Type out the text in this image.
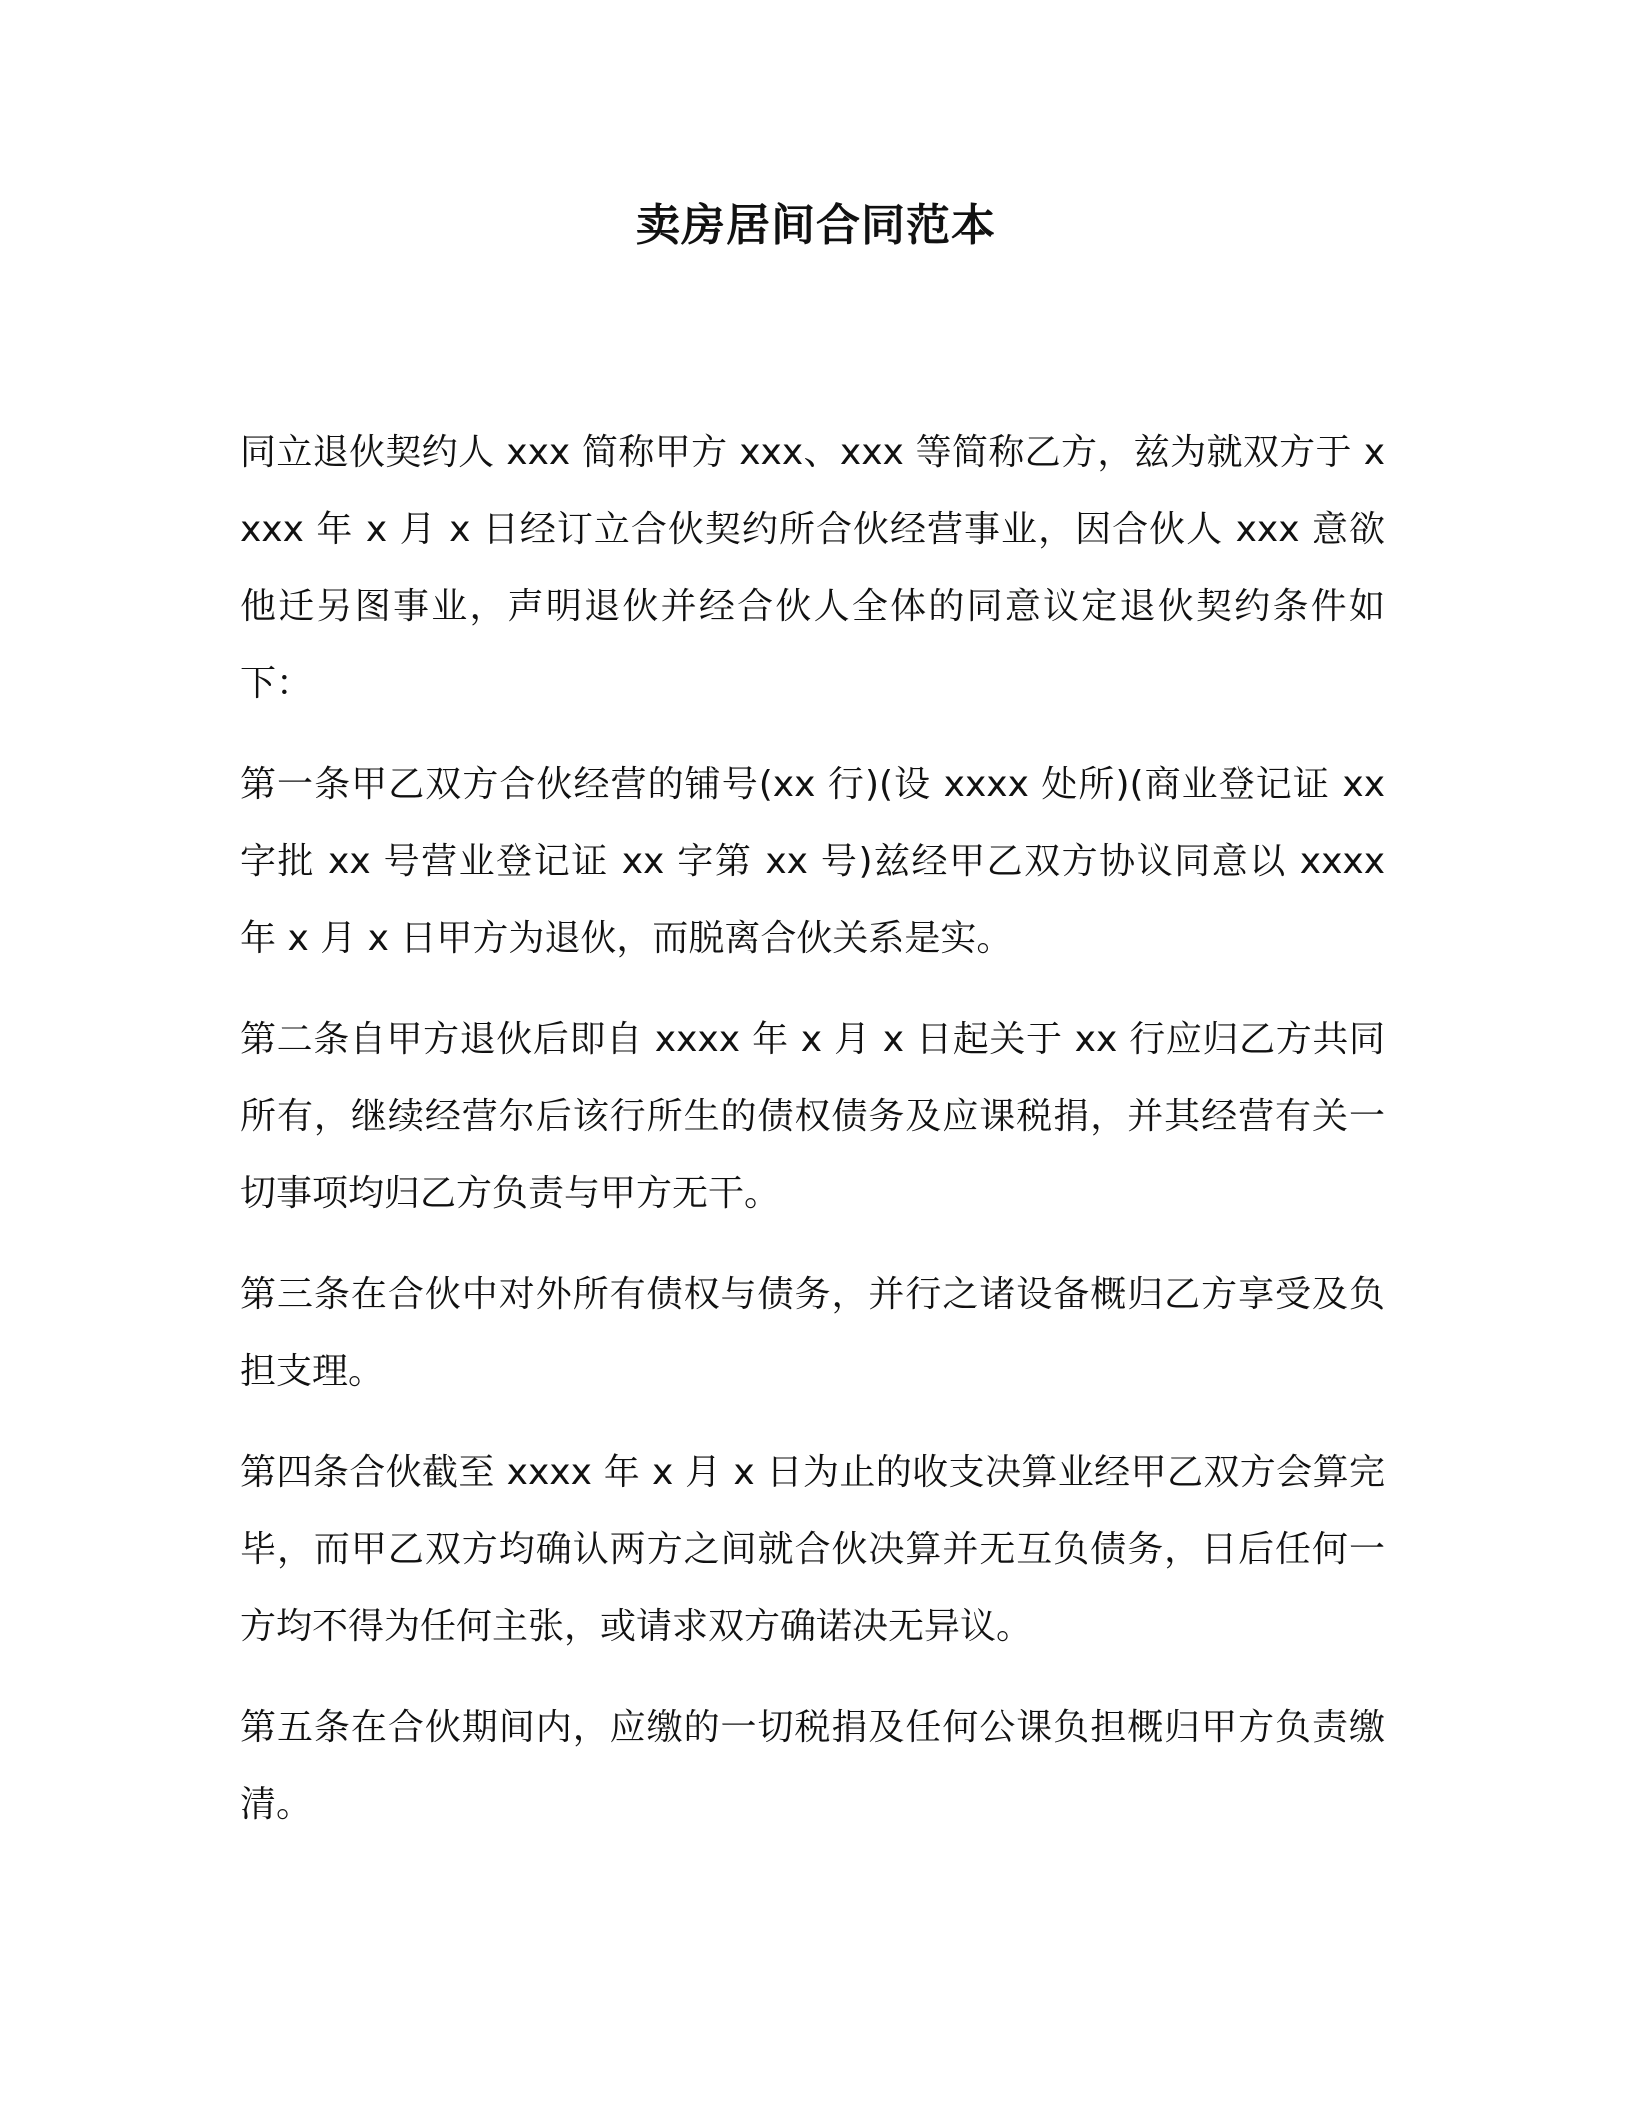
卖房居间合同范本

同立退伙契约人 xxx 简称甲方 xxx、xxx 等简称乙方，兹为就双方于 xxxx 年 x 月 x 日经订立合伙契约所合伙经营事业，因合伙人 xxx 意欲他迁另图事业，声明退伙并经合伙人全体的同意议定退伙契约条件如下：

第一条甲乙双方合伙经营的铺号(xx 行)(设 xxxx 处所)(商业登记证 xx 字批 xx 号营业登记证 xx 字第 xx 号)兹经甲乙双方协议同意以 xxxx 年 x 月 x 日甲方为退伙，而脱离合伙关系是实。

第二条自甲方退伙后即自 xxxx 年 x 月 x 日起关于 xx 行应归乙方共同所有，继续经营尔后该行所生的债权债务及应课税捐，并其经营有关一切事项均归乙方负责与甲方无干。

第三条在合伙中对外所有债权与债务，并行之诸设备概归乙方享受及负担支理。

第四条合伙截至 xxxx 年 x 月 x 日为止的收支决算业经甲乙双方会算完毕，而甲乙双方均确认两方之间就合伙决算并无互负债务，日后任何一方均不得为任何主张，或请求双方确诺决无异议。

第五条在合伙期间内，应缴的一切税捐及任何公课负担概归甲方负责缴清。
